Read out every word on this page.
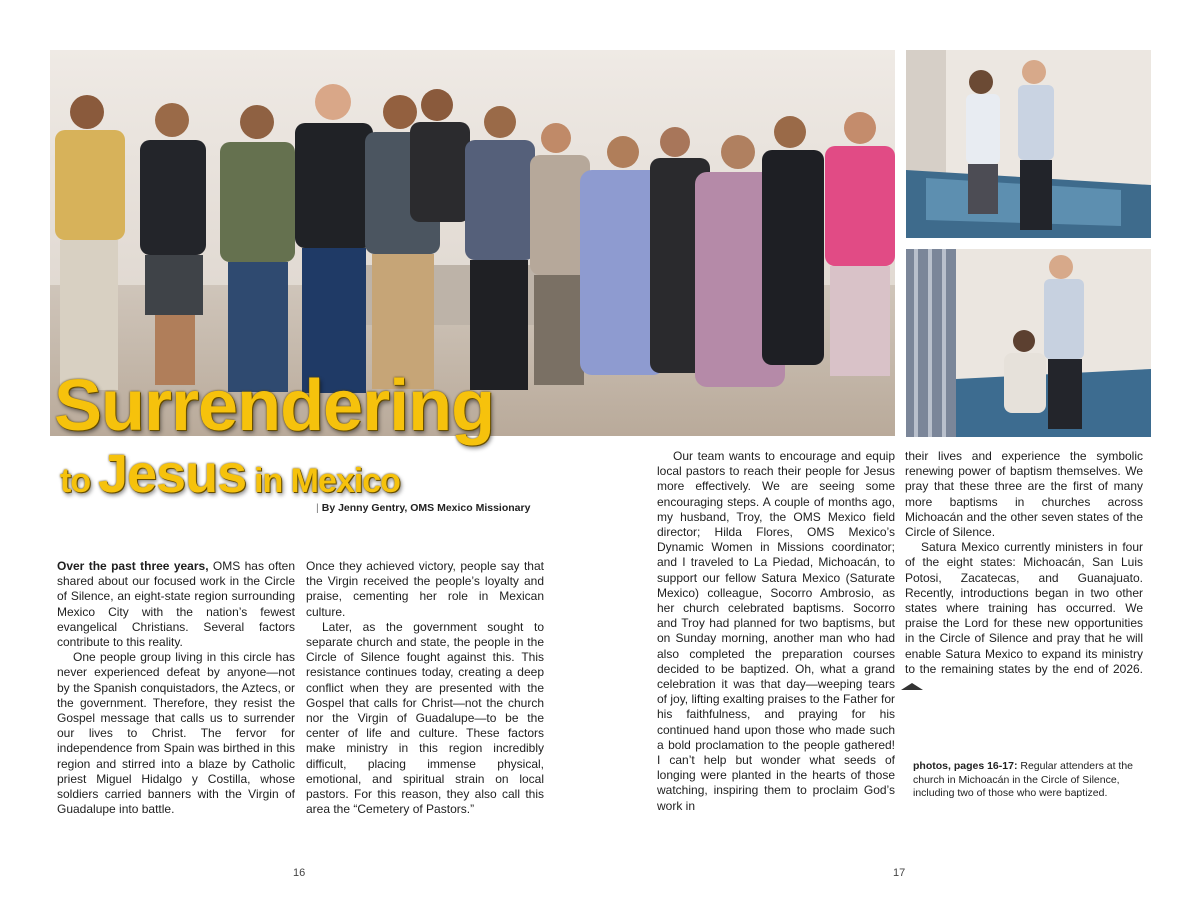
Surrendering
to Jesus in Mexico

| By Jenny Gentry, OMS Mexico Missionary

Over the past three years, OMS has often shared about our focused work in the Circle of Silence, an eight-state region surrounding Mexico City with the nation’s fewest evangelical Christians. Several factors contribute to this reality.

One people group living in this circle has never experienced defeat by anyone—not by the Spanish conquistadors, the Aztecs, or the government. Therefore, they resist the Gospel message that calls us to surrender our lives to Christ. The fervor for independence from Spain was birthed in this region and stirred into a blaze by Catholic priest Miguel Hidalgo y Costilla, whose soldiers carried banners with the Virgin of Guadalupe into battle.

Once they achieved victory, people say that the Virgin received the people’s loyalty and praise, cementing her role in Mexican culture.

Later, as the government sought to separate church and state, the people in the Circle of Silence fought against this. This resistance continues today, creating a deep conflict when they are presented with the Gospel that calls for Christ—not the church nor the Virgin of Guadalupe—to be the center of life and culture. These factors make ministry in this region incredibly difficult, placing immense physical, emotional, and spiritual strain on local pastors. For this reason, they also call this area the “Cemetery of Pastors.”

Our team wants to encourage and equip local pastors to reach their people for Jesus more effectively. We are seeing some encouraging steps. A couple of months ago, my husband, Troy, the OMS Mexico field director; Hilda Flores, OMS Mexico’s Dynamic Women in Missions coordinator; and I traveled to La Piedad, Michoacán, to support our fellow Satura Mexico (Saturate Mexico) colleague, Socorro Ambrosio, as her church celebrated baptisms. Socorro and Troy had planned for two baptisms, but on Sunday morning, another man who had also completed the preparation courses decided to be baptized. Oh, what a grand celebration it was that day—weeping tears of joy, lifting exalting praises to the Father for his faithfulness, and praying for his continued hand upon those who made such a bold proclamation to the people gathered! I can’t help but wonder what seeds of longing were planted in the hearts of those watching, inspiring them to proclaim God’s work in

their lives and experience the symbolic renewing power of baptism themselves. We pray that these three are the first of many more baptisms in churches across Michoacán and the other seven states of the Circle of Silence.

Satura Mexico currently ministers in four of the eight states: Michoacán, San Luis Potosi, Zacatecas, and Guanajuato. Recently, introductions began in two other states where training has occurred. We praise the Lord for these new opportunities in the Circle of Silence and pray that he will enable Satura Mexico to expand its ministry to the remaining states by the end of 2026.

photos, pages 16-17: Regular attenders at the church in Michoacán in the Circle of Silence, including two of those who were baptized.
16	17
